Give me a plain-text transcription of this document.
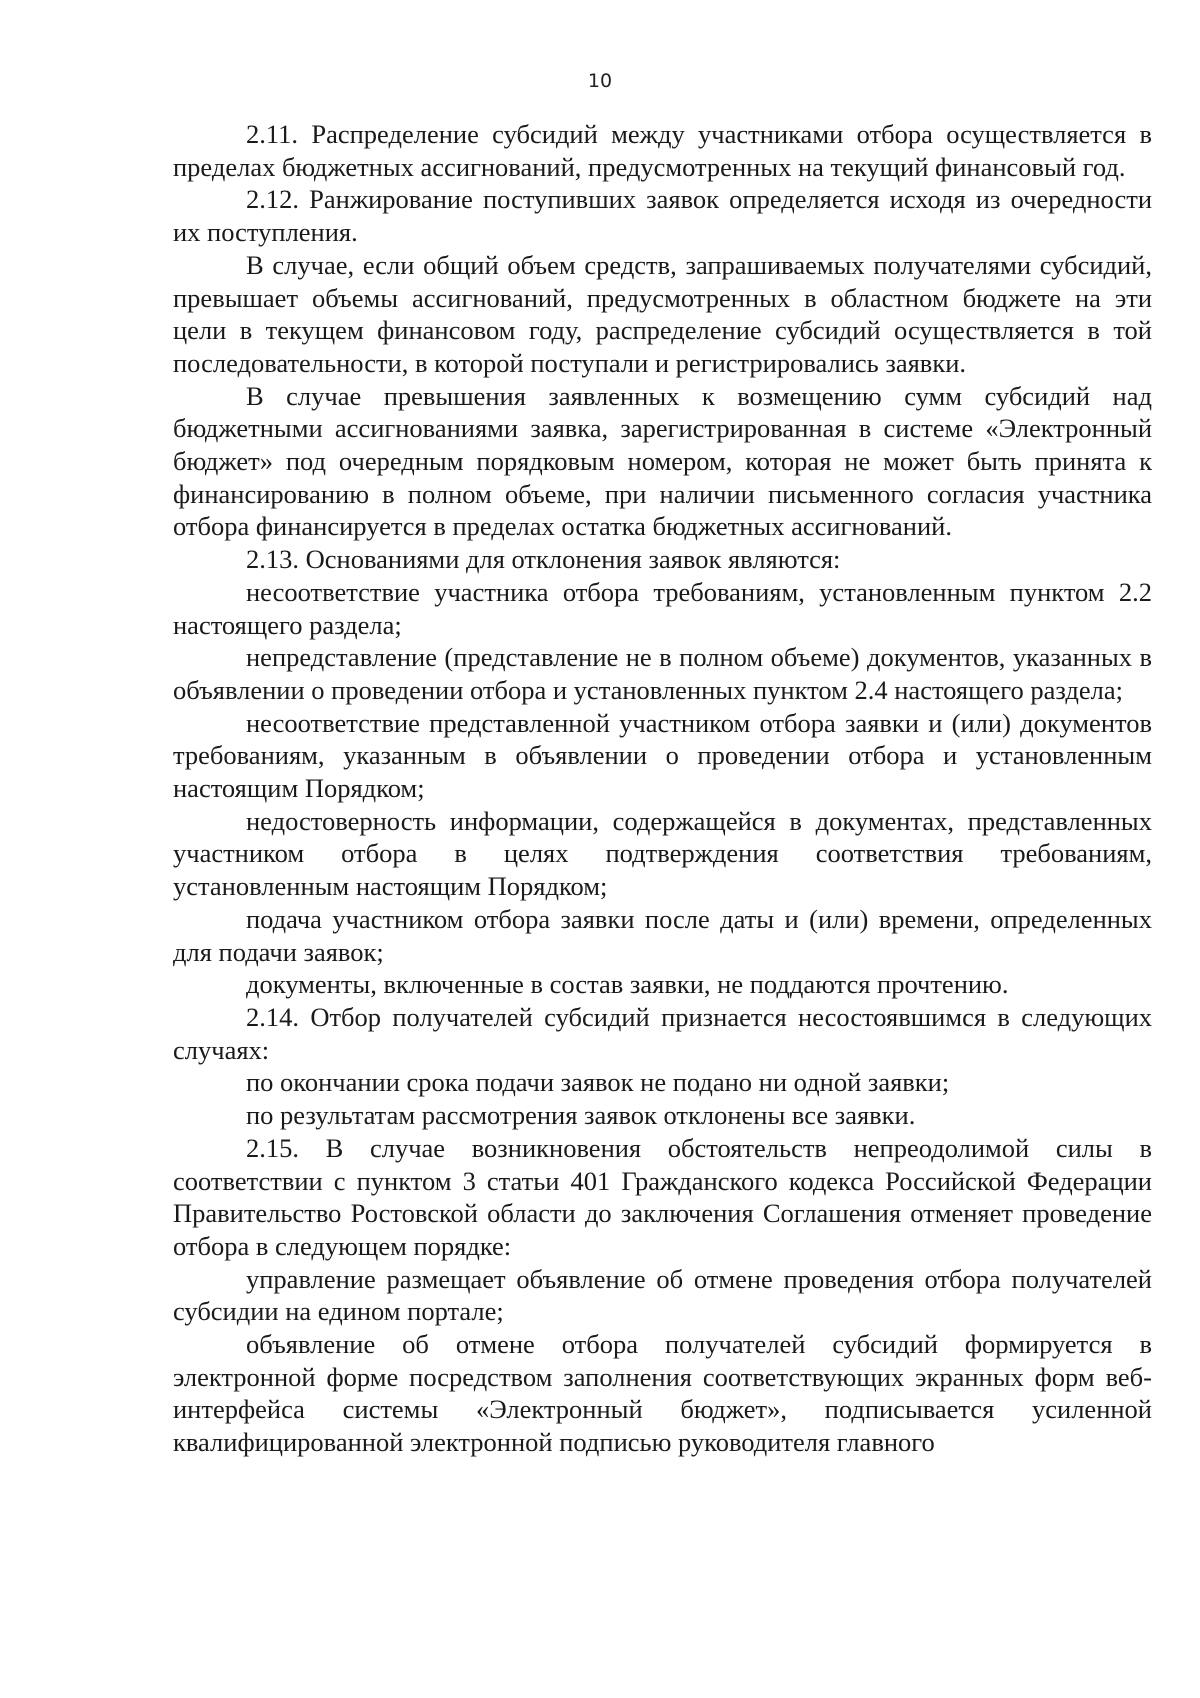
10

2.11. Распределение субсидий между участниками отбора осуществляется в пределах бюджетных ассигнований, предусмотренных на текущий финансовый год.

2.12. Ранжирование поступивших заявок определяется исходя из очередности их поступления.

В случае, если общий объем средств, запрашиваемых получателями субсидий, превышает объемы ассигнований, предусмотренных в областном бюджете на эти цели в текущем финансовом году, распределение субсидий осуществляется в той последовательности, в которой поступали и регистрировались заявки.

В случае превышения заявленных к возмещению сумм субсидий над бюджетными ассигнованиями заявка, зарегистрированная в системе «Электронный бюджет» под очередным порядковым номером, которая не может быть принята к финансированию в полном объеме, при наличии письменного согласия участника отбора финансируется в пределах остатка бюджетных ассигнований.

2.13. Основаниями для отклонения заявок являются:

несоответствие участника отбора требованиям, установленным пунктом 2.2 настоящего раздела;

непредставление (представление не в полном объеме) документов, указанных в объявлении о проведении отбора и установленных пунктом 2.4 настоящего раздела;

несоответствие представленной участником отбора заявки и (или) документов требованиям, указанным в объявлении о проведении отбора и установленным настоящим Порядком;

недостоверность информации, содержащейся в документах, представленных участником отбора в целях подтверждения соответствия требованиям, установленным настоящим Порядком;

подача участником отбора заявки после даты и (или) времени, определенных для подачи заявок;

документы, включенные в состав заявки, не поддаются прочтению.

2.14. Отбор получателей субсидий признается несостоявшимся в следующих случаях:

по окончании срока подачи заявок не подано ни одной заявки;

по результатам рассмотрения заявок отклонены все заявки.

2.15. В случае возникновения обстоятельств непреодолимой силы в соответствии с пунктом 3 статьи 401 Гражданского кодекса Российской Федерации Правительство Ростовской области до заключения Соглашения отменяет проведение отбора в следующем порядке:

управление размещает объявление об отмене проведения отбора получателей субсидии на едином портале;

объявление об отмене отбора получателей субсидий формируется в электронной форме посредством заполнения соответствующих экранных форм веб-интерфейса системы «Электронный бюджет», подписывается усиленной квалифицированной электронной подписью руководителя главного
